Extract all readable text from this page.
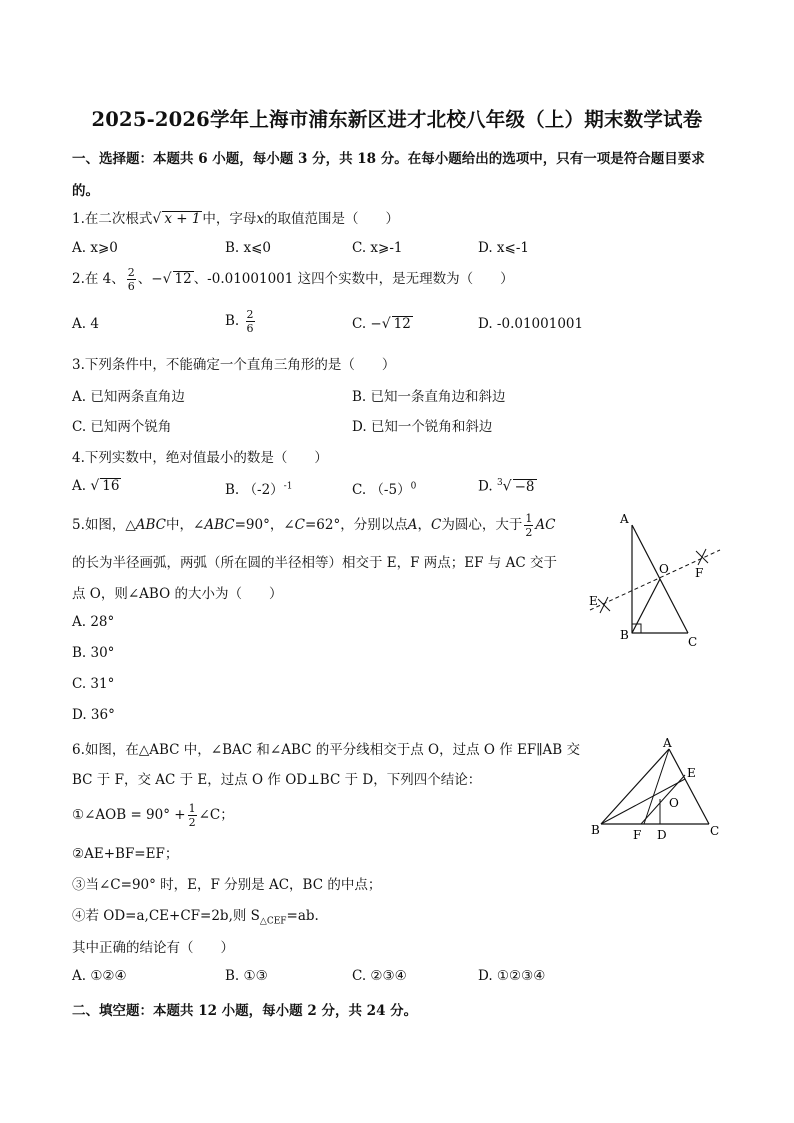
2025-2026学年上海市浦东新区进才北校八年级（上）期末数学试卷
一、选择题：本题共 6 小题，每小题 3 分，共 18 分。在每小题给出的选项中，只有一项是符合题目要求
的。
1.在二次根式√ x + 1 中，字母x的取值范围是（　　）
A. x⩾0	B. x⩽0	C. x⩾-1	D. x⩽-1
2.在 4、 $\frac{2}{6}$ 、−√ 12 、-0.01001001 这四个实数中，是无理数为（　　）
A. 4	B. $\frac{2}{6}$	C. −√ 12	D. -0.01001001
3.下列条件中，不能确定一个直角三角形的是（　　）
A. 已知两条直角边	B. 已知一条直角边和斜边
C. 已知两个锐角	D. 已知一个锐角和斜边
4.下列实数中，绝对值最小的数是（　　）
A. √ 16	B. $(-2)^{-1}$	C. $(-5)^0$	D. $^3$√ −8
5.如图，△ABC中，∠ABC=90°，∠C=62°，分别以点A，C为圆心，大于 $\frac{1}{2}$ AC
的长为半径画弧，两弧（所在圆的半径相等）相交于 E，F 两点；EF 与 AC 交于
点 O，则∠ABO 的大小为（　　）
A. 28°
B. 30°
C. 31°
D. 36°
A
B	C
O
E
F
6.如图，在△ABC 中，∠BAC 和∠ABC 的平分线相交于点 O，过点 O 作 EF∥AB 交
BC 于 F，交 AC 于 E，过点 O 作 OD⊥BC 于 D，下列四个结论：
①∠AOB = $90^\circ + \frac{1}{2}$ ∠C；
②AE+BF=EF；
③当∠C=90° 时，E，F 分别是 AC，BC 的中点；
④若 OD=a,CE+CF=2b,则 $S_{\triangle CEF}=ab$.
其中正确的结论有（　　）
A. ①②④	B. ①③	C. ②③④	D. ①②③④
A
B	C
D
E
F
O
二、填空题：本题共 12 小题，每小题 2 分，共 24 分。
